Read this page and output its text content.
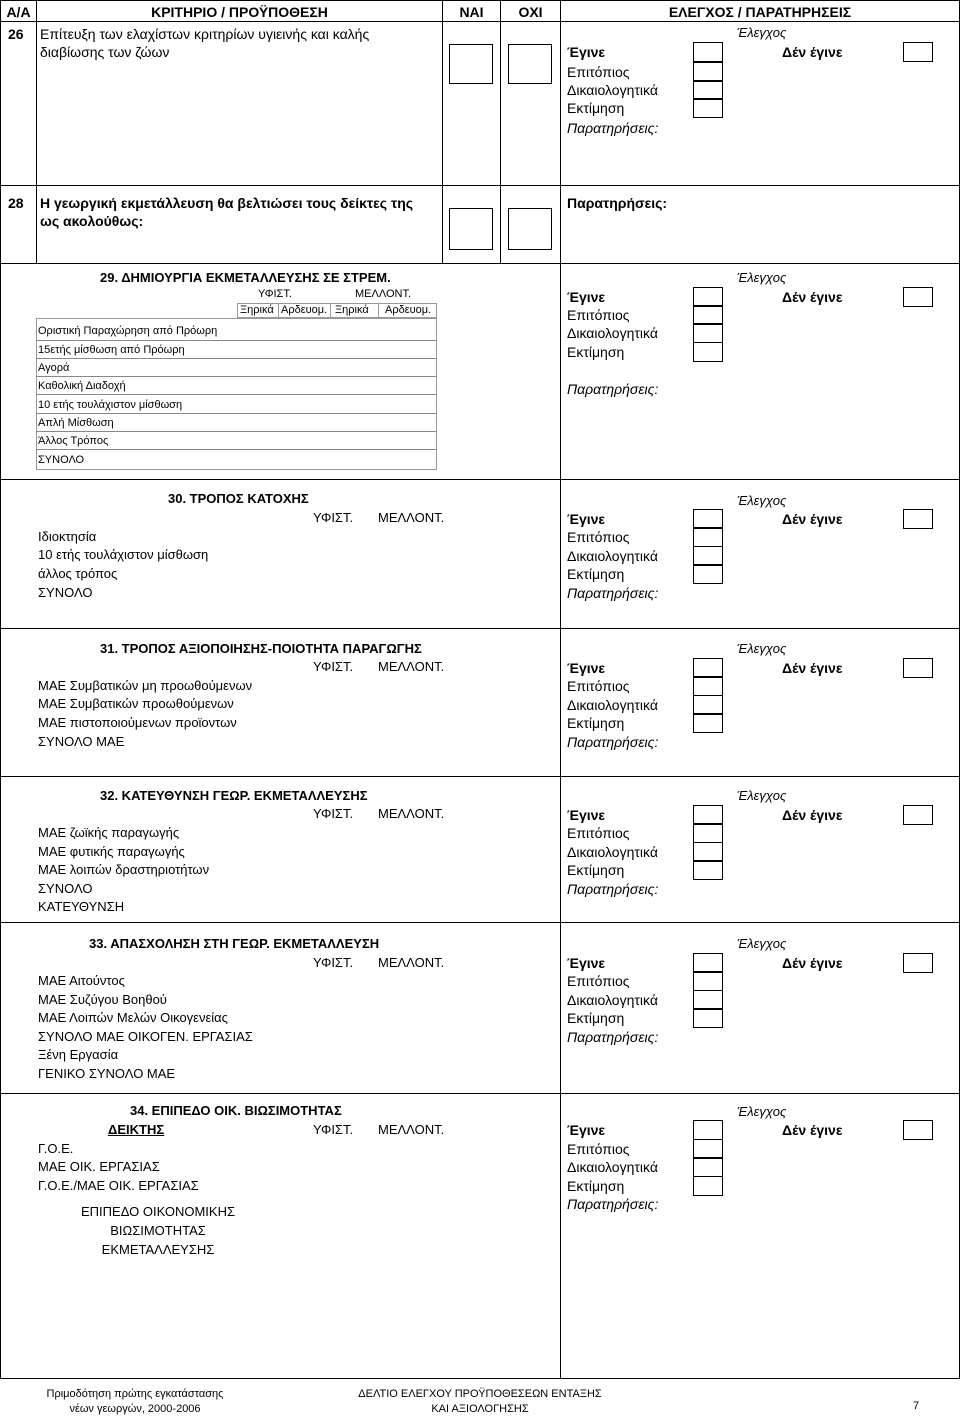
Α/Α	ΚΡΙΤΗΡΙΟ / ΠΡΟΫΠΟΘΕΣΗ	ΝΑΙ	ΟΧΙ	ΕΛΕΓΧΟΣ / ΠΑΡΑΤΗΡΗΣΕΙΣ
26 Επίτευξη των ελαχίστων κριτηρίων υγιεινής και καλής
διαβίωσης των ζώων
Έλεγχος
Έγινε	Δέν έγινε
Επιτόπιος
Δικαιολογητικά
Εκτίμηση
Παρατηρήσεις:
28 Η γεωργική εκμετάλλευση θα βελτιώσει τους δείκτες της
ως ακολούθως:
Παρατηρήσεις:
29. ΔΗΜΙΟΥΡΓΙΑ ΕΚΜΕΤΑΛΛΕΥΣΗΣ ΣΕ ΣΤΡΕΜ.
ΥΦΙΣΤ.	ΜΕΛΛΟΝΤ.
Ξηρικά Αρδευομ. Ξηρικά Αρδευομ.
Οριστική Παραχώρηση από Πρόωρη
15ετής μίσθωση από Πρόωρη
Αγορά
Καθολική Διαδοχή
10 ετής τουλάχιστον μίσθωση
Απλή Μίσθωση
Άλλος Τρόπος
ΣΥΝΟΛΟ
Έλεγχος
Έγινε	Δέν έγινε
Επιτόπιος
Δικαιολογητικά
Εκτίμηση
Παρατηρήσεις:
30. ΤΡΟΠΟΣ ΚΑΤΟΧΗΣ
ΥΦΙΣΤ. ΜΕΛΛΟΝΤ.
Ιδιοκτησία
10 ετής τουλάχιστον μίσθωση
άλλος τρόπος
ΣΥΝΟΛΟ
Έλεγχος
Έγινε	Δέν έγινε
Επιτόπιος
Δικαιολογητικά
Εκτίμηση
Παρατηρήσεις:
31. ΤΡΟΠΟΣ ΑΞΙΟΠΟΙΗΣΗΣ-ΠΟΙΟΤΗΤΑ ΠΑΡΑΓΩΓΗΣ
ΥΦΙΣΤ. ΜΕΛΛΟΝΤ.
ΜΑΕ Συμβατικών μη προωθούμενων
ΜΑΕ Συμβατικών προωθούμενων
ΜΑΕ πιστοποιούμενων προϊοντων
ΣΥΝΟΛΟ ΜΑΕ
Έλεγχος
Έγινε	Δέν έγινε
Επιτόπιος
Δικαιολογητικά
Εκτίμηση
Παρατηρήσεις:
32. ΚΑΤΕΥΘΥΝΣΗ ΓΕΩΡ. ΕΚΜΕΤΑΛΛΕΥΣΗΣ
ΥΦΙΣΤ. ΜΕΛΛΟΝΤ.
ΜΑΕ ζωϊκής παραγωγής
ΜΑΕ φυτικής παραγωγής
ΜΑΕ λοιπών δραστηριοτήτων
ΣΥΝΟΛΟ
ΚΑΤΕΥΘΥΝΣΗ
Έλεγχος
Έγινε	Δέν έγινε
Επιτόπιος
Δικαιολογητικά
Εκτίμηση
Παρατηρήσεις:
33. ΑΠΑΣΧΟΛΗΣΗ ΣΤΗ ΓΕΩΡ. ΕΚΜΕΤΑΛΛΕΥΣΗ
ΥΦΙΣΤ. ΜΕΛΛΟΝΤ.
ΜΑΕ Αιτούντος
ΜΑΕ Συζύγου Βοηθού
ΜΑΕ Λοιπών Μελών Οικογενείας
ΣΥΝΟΛΟ ΜΑΕ ΟΙΚΟΓΕΝ. ΕΡΓΑΣΙΑΣ
Ξένη Εργασία
ΓΕΝΙΚΟ ΣΥΝΟΛΟ ΜΑΕ
Έλεγχος
Έγινε	Δέν έγινε
Επιτόπιος
Δικαιολογητικά
Εκτίμηση
Παρατηρήσεις:
34. ΕΠΙΠΕΔΟ ΟΙΚ. ΒΙΩΣΙΜΟΤΗΤΑΣ
ΔΕΙΚΤΗΣ	ΥΦΙΣΤ. ΜΕΛΛΟΝΤ.
Γ.Ο.Ε.
ΜΑΕ ΟΙΚ. ΕΡΓΑΣΙΑΣ
Γ.Ο.Ε./ΜΑΕ ΟΙΚ. ΕΡΓΑΣΙΑΣ
ΕΠΙΠΕΔΟ ΟΙΚΟΝΟΜΙΚΗΣ
ΒΙΩΣΙΜΟΤΗΤΑΣ
ΕΚΜΕΤΑΛΛΕΥΣΗΣ
Έλεγχος
Έγινε	Δέν έγινε
Επιτόπιος
Δικαιολογητικά
Εκτίμηση
Παρατηρήσεις:
Πριμοδότηση πρώτης εγκατάστασης
νέων γεωργών, 2000-2006
ΔΕΛΤΙΟ ΕΛΕΓΧΟΥ ΠΡΟΫΠΟΘΕΣΕΩΝ ΕΝΤΑΞΗΣ
ΚΑΙ ΑΞΙΟΛΟΓΗΣΗΣ	7
